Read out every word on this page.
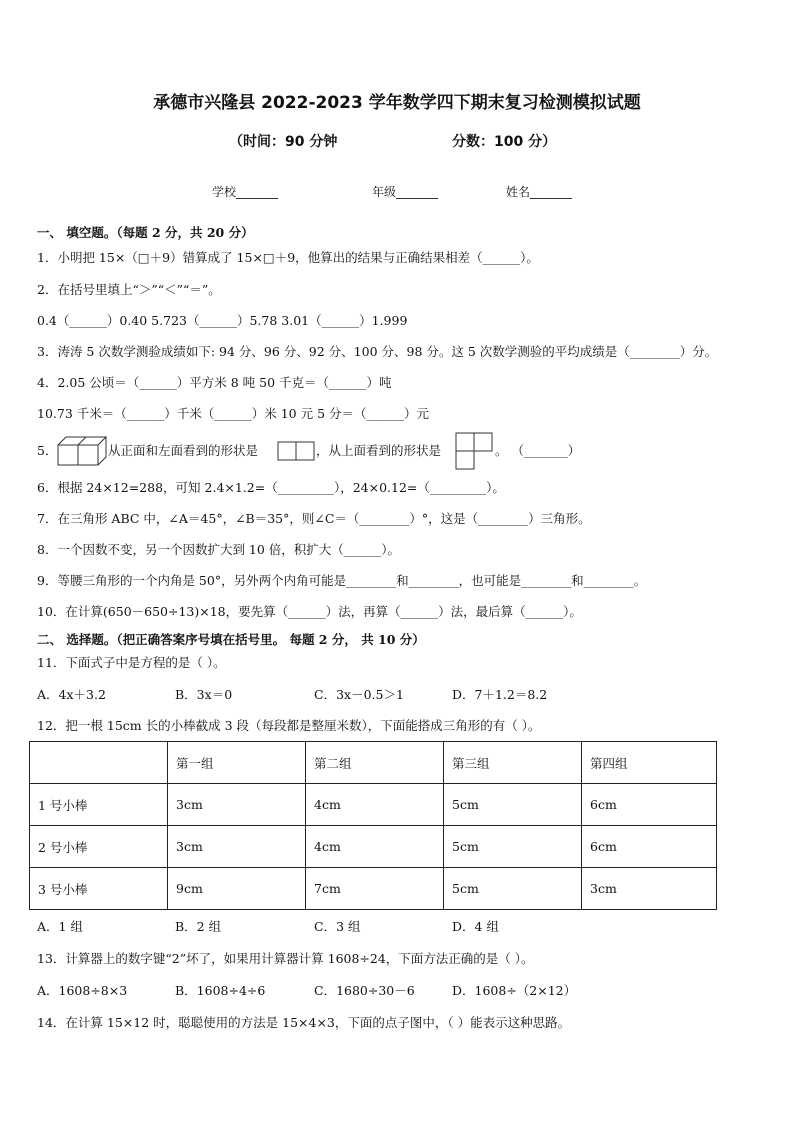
承德市兴隆县 2022-2023 学年数学四下期末复习检测模拟试题
（时间：90 分钟	分数：100 分）
学校_______	年级_______	姓名_______
一、 填空题。（每题 2 分，共 20 分）
1．小明把 15×（□＋9）错算成了 15×□＋9，他算出的结果与正确结果相差（______）。
2．在括号里填上“＞”“＜”“＝”。
0.4（______）0.40 5.723（______）5.78 3.01（______）1.999
3．涛涛 5 次数学测验成绩如下: 94 分、96 分、92 分、100 分、98 分。这 5 次数学测验的平均成绩是（________）分。
4．2.05 公顷＝（______）平方米 8 吨 50 千克＝（______）吨
10.73 千米＝（______）千米（______）米 10 元 5 分＝（______）元
5．	从正面和左面看到的形状是	，从上面看到的形状是	。 （_______）
6．根据 24×12=288，可知 2.4×1.2=（_________），24×0.12=（_________）。
7．在三角形 ABC 中，∠A＝45°，∠B＝35°，则∠C＝（________）°，这是（________）三角形。
8．一个因数不变，另一个因数扩大到 10 倍，积扩大（______）。
9．等腰三角形的一个内角是 50°，另外两个内角可能是________和________，也可能是________和________。
10．在计算(650－650÷13)×18，要先算（______）法，再算（______）法，最后算（______）。
二、 选择题。（把正确答案序号填在括号里。 每题 2 分， 共 10 分）
11．下面式子中是方程的是（ ）。
A．4x＋3.2	B．3x＝0	C．3x－0.5＞1	D．7＋1.2＝8.2
12．把一根 15cm 长的小棒截成 3 段（每段都是整厘米数），下面能搭成三角形的有（ ）。
	第一组	第二组	第三组	第四组
1 号小棒	3cm	4cm	5cm	6cm
2 号小棒	3cm	4cm	5cm	6cm
3 号小棒	9cm	7cm	5cm	3cm
A．1 组	B．2 组	C．3 组	D．4 组
13．计算器上的数字键“2”坏了，如果用计算器计算 1608÷24，下面方法正确的是（ ）。
A．1608÷8×3	B．1608÷4÷6	C．1680÷30－6	D．1608÷（2×12）
14．在计算 15×12 时，聪聪使用的方法是 15×4×3，下面的点子图中，（ ）能表示这种思路。
